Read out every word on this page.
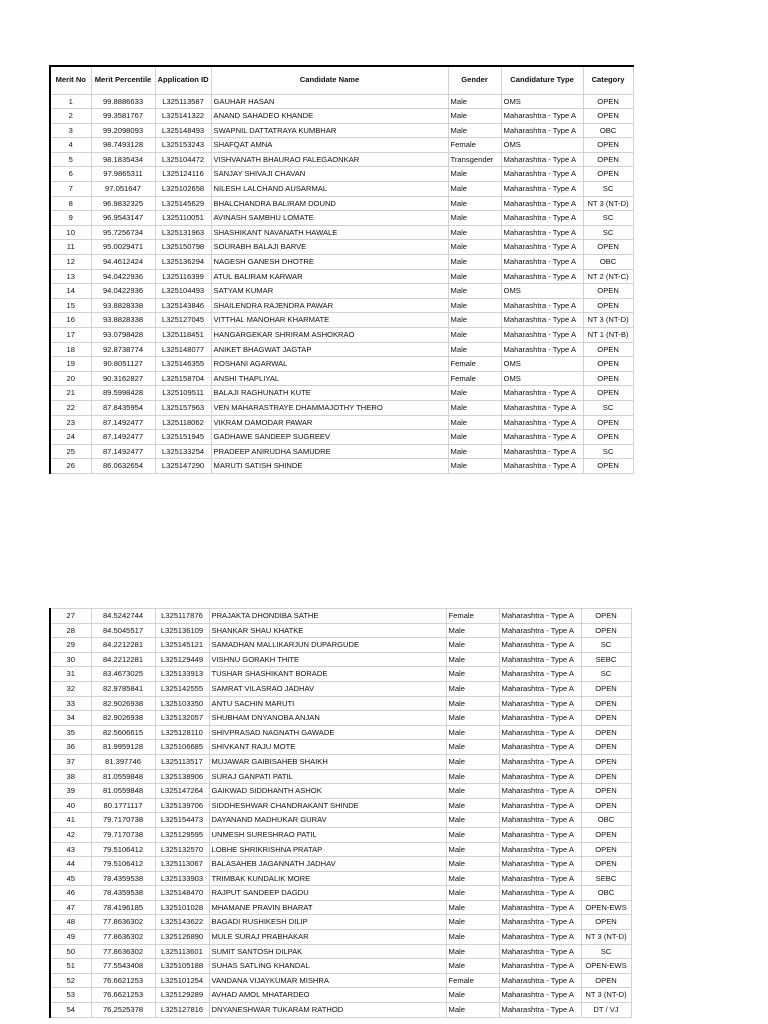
Merit No	Merit Percentile	Application ID	Candidate Name	Gender	Candidature Type	Category
1	99.8886633	L325113587	GAUHAR HASAN	Male	OMS	OPEN
2	99.3581767	L325141322	ANAND SAHADEO KHANDE	Male	Maharashtra - Type A	OPEN
3	99.2098093	L325148493	SWAPNIL DATTATRAYA KUMBHAR	Male	Maharashtra - Type A	OBC
4	98.7493128	L325153243	SHAFQAT AMNA	Female	OMS	OPEN
5	98.1835434	L325104472	VISHVANATH BHAURAO FALEGAONKAR	Transgender	Maharashtra - Type A	OPEN
6	97.9865311	L325124116	SANJAY SHIVAJI CHAVAN	Male	Maharashtra - Type A	OPEN
7	97.051647	L325102658	NILESH LALCHAND AUSARMAL	Male	Maharashtra - Type A	SC
8	96.9832325	L325145629	BHALCHANDRA BALIRAM DOUND	Male	Maharashtra - Type A	NT 3 (NT-D)
9	96.9543147	L325110051	AVINASH SAMBHU LOMATE	Male	Maharashtra - Type A	SC
10	95.7256734	L325131963	SHASHIKANT NAVANATH HAWALE	Male	Maharashtra - Type A	SC
11	95.0029471	L325150798	SOURABH BALAJI BARVE	Male	Maharashtra - Type A	OPEN
12	94.4612424	L325136294	NAGESH GANESH DHOTRE	Male	Maharashtra - Type A	OBC
13	94.0422936	L325116399	ATUL BALIRAM KARWAR	Male	Maharashtra - Type A	NT 2 (NT-C)
14	94.0422936	L325104493	SATYAM KUMAR	Male	OMS	OPEN
15	93.8828338	L325143846	SHAILENDRA RAJENDRA PAWAR	Male	Maharashtra - Type A	OPEN
16	93.8828338	L325127045	VITTHAL MANOHAR KHARMATE	Male	Maharashtra - Type A	NT 3 (NT-D)
17	93.0798428	L325118451	HANGARGEKAR SHRIRAM ASHOKRAO	Male	Maharashtra - Type A	NT 1 (NT-B)
18	92.8738774	L325148077	ANIKET BHAGWAT JAGTAP	Male	Maharashtra - Type A	OPEN
19	90.8051127	L325146355	ROSHANI AGARWAL	Female	OMS	OPEN
20	90.3162827	L325158704	ANSHI THAPLIYAL	Female	OMS	OPEN
21	89.5998428	L325109511	BALAJI RAGHUNATH KUTE	Male	Maharashtra - Type A	OPEN
22	87.8435954	L325157963	VEN MAHARASTRAYE DHAMMAJOTHY THERO	Male	Maharashtra - Type A	SC
23	87.1492477	L325118062	VIKRAM DAMODAR PAWAR	Male	Maharashtra - Type A	OPEN
24	87.1492477	L325151945	GADHAWE SANDEEP SUGREEV	Male	Maharashtra - Type A	OPEN
25	87.1492477	L325133254	PRADEEP ANIRUDHA SAMUDRE	Male	Maharashtra - Type A	SC
26	86.0632654	L325147290	MARUTI SATISH SHINDE	Male	Maharashtra - Type A	OPEN
27	84.5242744	L325117876	PRAJAKTA DHONDIBA SATHE	Female	Maharashtra - Type A	OPEN
28	84.5045517	L325136109	SHANKAR SHAU KHATKE	Male	Maharashtra - Type A	OPEN
29	84.2212281	L325145121	SAMADHAN MALLIKARJUN DUPARGUDE	Male	Maharashtra - Type A	SC
30	84.2212281	L325129449	VISHNU GORAKH THITE	Male	Maharashtra - Type A	SEBC
31	83.4673025	L325133913	TUSHAR SHASHIKANT BORADE	Male	Maharashtra - Type A	SC
32	82.9785841	L325142555	SAMRAT VILASRAO JADHAV	Male	Maharashtra - Type A	OPEN
33	82.9026938	L325103350	ANTU SACHIN MARUTI	Male	Maharashtra - Type A	OPEN
34	82.9026938	L325132057	SHUBHAM DNYANOBA ANJAN	Male	Maharashtra - Type A	OPEN
35	82.5606615	L325128110	SHIVPRASAD NAGNATH GAWADE	Male	Maharashtra - Type A	OPEN
36	81.9959128	L325106685	SHIVKANT RAJU MOTE	Male	Maharashtra - Type A	OPEN
37	81.397746	L325113517	MUJAWAR GAIBISAHEB SHAIKH	Male	Maharashtra - Type A	OPEN
38	81.0559848	L325138906	SURAJ GANPATI PATIL	Male	Maharashtra - Type A	OPEN
39	81.0559848	L325147264	GAIKWAD SIDDHANTH ASHOK	Male	Maharashtra - Type A	OPEN
40	80.1771117	L325139706	SIDDHESHWAR CHANDRAKANT SHINDE	Male	Maharashtra - Type A	OPEN
41	79.7170738	L325154473	DAYANAND MADHUKAR GURAV	Male	Maharashtra - Type A	OBC
42	79.7170738	L325129595	UNMESH SURESHRAO PATIL	Male	Maharashtra - Type A	OPEN
43	79.5106412	L325132570	LOBHE SHRIKRISHNA PRATAP	Male	Maharashtra - Type A	OPEN
44	79.5106412	L325113067	BALASAHEB JAGANNATH JADHAV	Male	Maharashtra - Type A	OPEN
45	78.4359538	L325133903	TRIMBAK KUNDALIK MORE	Male	Maharashtra - Type A	SEBC
46	78.4359538	L325148470	RAJPUT SANDEEP DAGDU	Male	Maharashtra - Type A	OBC
47	78.4196185	L325101028	MHAMANE PRAVIN BHARAT	Male	Maharashtra - Type A	OPEN-EWS
48	77.8636302	L325143622	BAGADI RUSHIKESH DILIP	Male	Maharashtra - Type A	OPEN
49	77.8636302	L325126890	MULE SURAJ PRABHAKAR	Male	Maharashtra - Type A	NT 3 (NT-D)
50	77.8636302	L325113601	SUMIT SANTOSH DILPAK	Male	Maharashtra - Type A	SC
51	77.5543408	L325105188	SUHAS SATLING KHANDAL	Male	Maharashtra - Type A	OPEN-EWS
52	76.6621253	L325101254	VANDANA VIJAYKUMAR MISHRA	Female	Maharashtra - Type A	OPEN
53	76.6621253	L325129289	AVHAD AMOL MHATARDEO	Male	Maharashtra - Type A	NT 3 (NT-D)
54	76.2525378	L325127816	DNYANESHWAR TUKARAM RATHOD	Male	Maharashtra - Type A	DT / VJ
